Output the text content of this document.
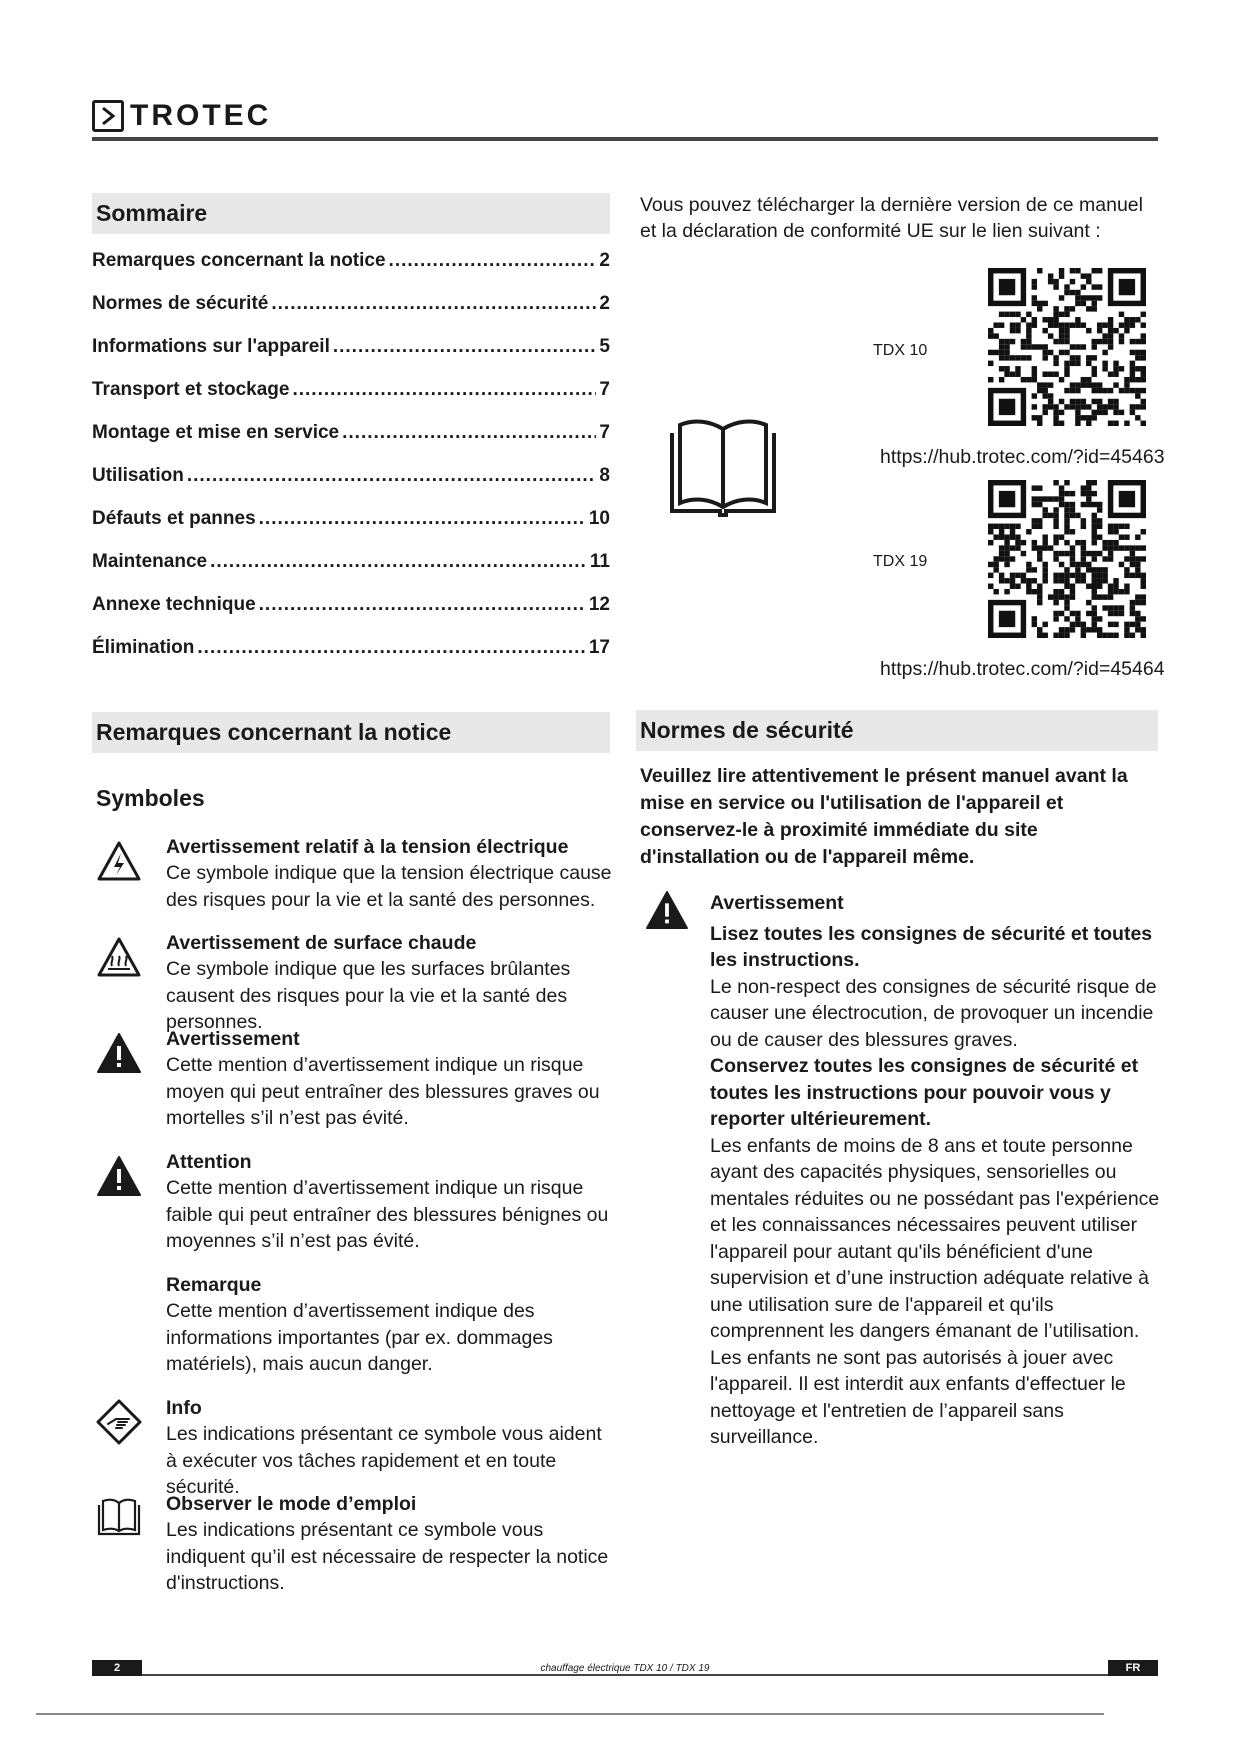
TROTEC
Sommaire
Remarques concernant la notice .....	2
Normes de sécurité .....	2
Informations sur l'appareil .....	5
Transport et stockage .....	7
Montage et mise en service .....	7
Utilisation .....	8
Défauts et pannes .....	10
Maintenance .....	11
Annexe technique .....	12
Élimination .....	17
Vous pouvez télécharger la dernière version de ce manuel et la déclaration de conformité UE sur le lien suivant :
TDX 10
https://hub.trotec.com/?id=45463
TDX 19
https://hub.trotec.com/?id=45464
Remarques concernant la notice
Symboles
Avertissement relatif à la tension électrique
Ce symbole indique que la tension électrique cause des risques pour la vie et la santé des personnes.
Avertissement de surface chaude
Ce symbole indique que les surfaces brûlantes causent des risques pour la vie et la santé des personnes.
Avertissement
Cette mention d’avertissement indique un risque moyen qui peut entraîner des blessures graves ou mortelles s’il n’est pas évité.
Attention
Cette mention d’avertissement indique un risque faible qui peut entraîner des blessures bénignes ou moyennes s’il n’est pas évité.
Remarque
Cette mention d’avertissement indique des informations importantes (par ex. dommages matériels), mais aucun danger.
Info
Les indications présentant ce symbole vous aident à exécuter vos tâches rapidement et en toute sécurité.
Observer le mode d’emploi
Les indications présentant ce symbole vous indiquent qu’il est nécessaire de respecter la notice d'instructions.
Normes de sécurité
Veuillez lire attentivement le présent manuel avant la mise en service ou l'utilisation de l'appareil et conservez-le à proximité immédiate du site d'installation ou de l'appareil même.
Avertissement
Lisez toutes les consignes de sécurité et toutes les instructions.
Le non-respect des consignes de sécurité risque de causer une électrocution, de provoquer un incendie ou de causer des blessures graves.
Conservez toutes les consignes de sécurité et toutes les instructions pour pouvoir vous y reporter ultérieurement.
Les enfants de moins de 8 ans et toute personne ayant des capacités physiques, sensorielles ou mentales réduites ou ne possédant pas l'expérience et les connaissances nécessaires peuvent utiliser l'appareil pour autant qu'ils bénéficient d'une supervision et d’une instruction adéquate relative à une utilisation sure de l'appareil et qu'ils comprennent les dangers émanant de l’utilisation.
Les enfants ne sont pas autorisés à jouer avec l'appareil. Il est interdit aux enfants d'effectuer le nettoyage et l'entretien de l’appareil sans surveillance.
2	chauffage électrique TDX 10 / TDX 19	FR
